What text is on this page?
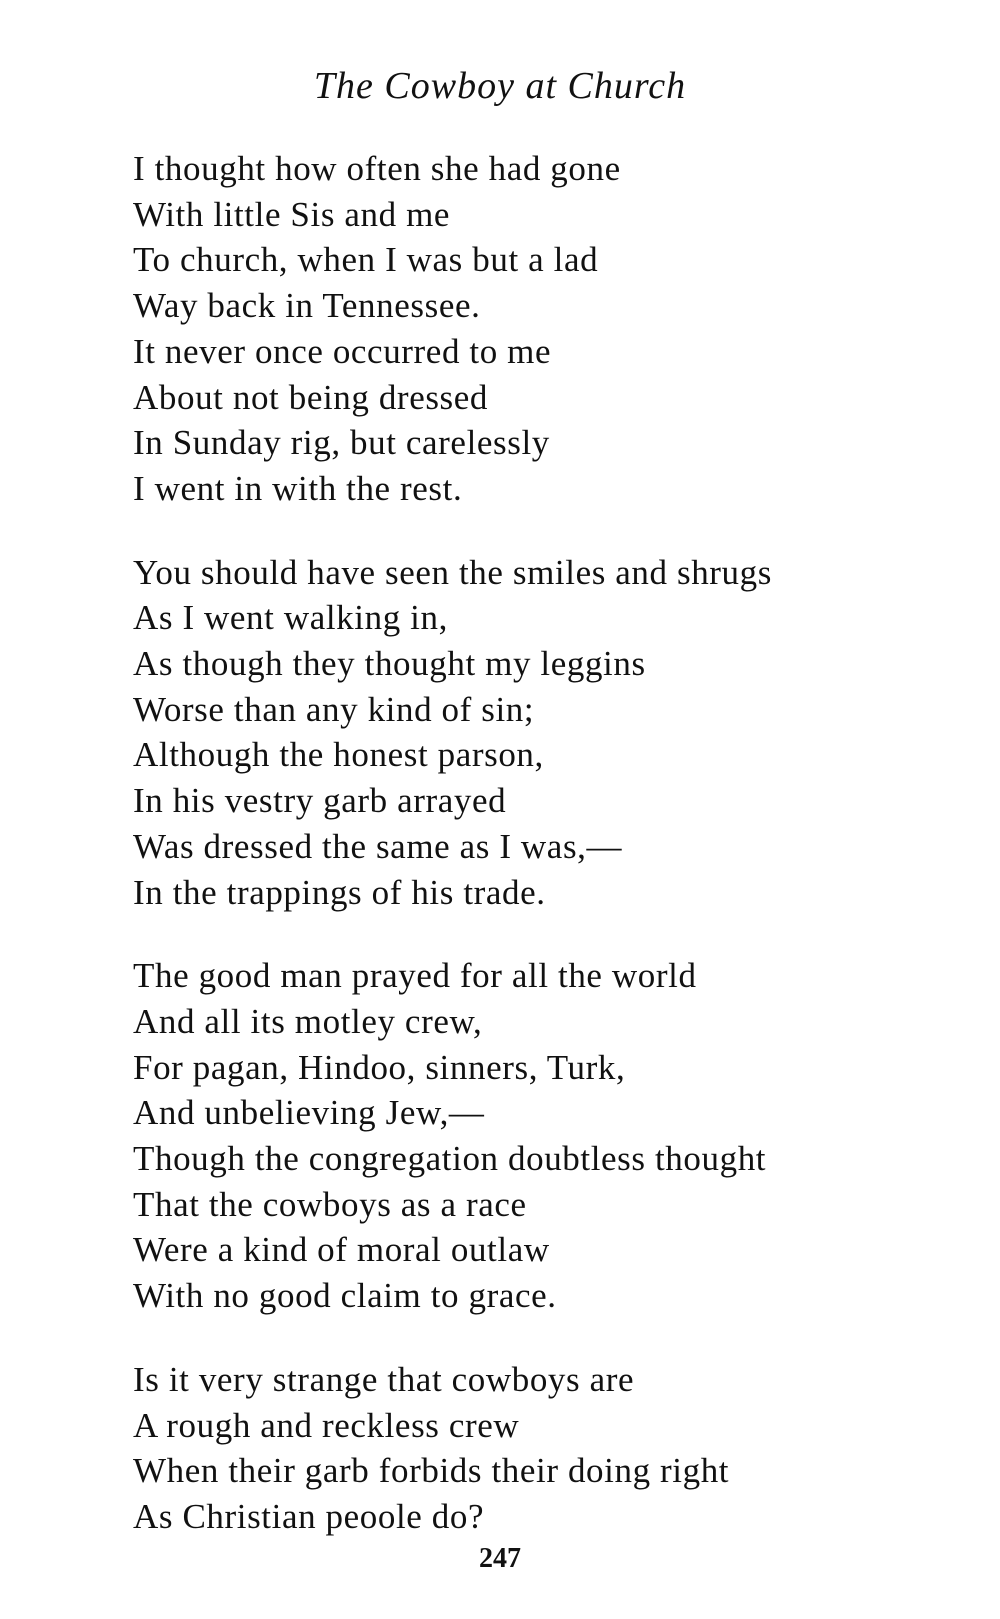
The Cowboy at Church
I thought how often she had gone
With little Sis and me
To church, when I was but a lad
Way back in Tennessee.
It never once occurred to me
About not being dressed
In Sunday rig, but carelessly
I went in with the rest.
You should have seen the smiles and shrugs
As I went walking in,
As though they thought my leggins
Worse than any kind of sin;
Although the honest parson,
In his vestry garb arrayed
Was dressed the same as I was,—
In the trappings of his trade.
The good man prayed for all the world
And all its motley crew,
For pagan, Hindoo, sinners, Turk,
And unbelieving Jew,—
Though the congregation doubtless thought
That the cowboys as a race
Were a kind of moral outlaw
With no good claim to grace.
Is it very strange that cowboys are
A rough and reckless crew
When their garb forbids their doing right
As Christian peoole do?
247
